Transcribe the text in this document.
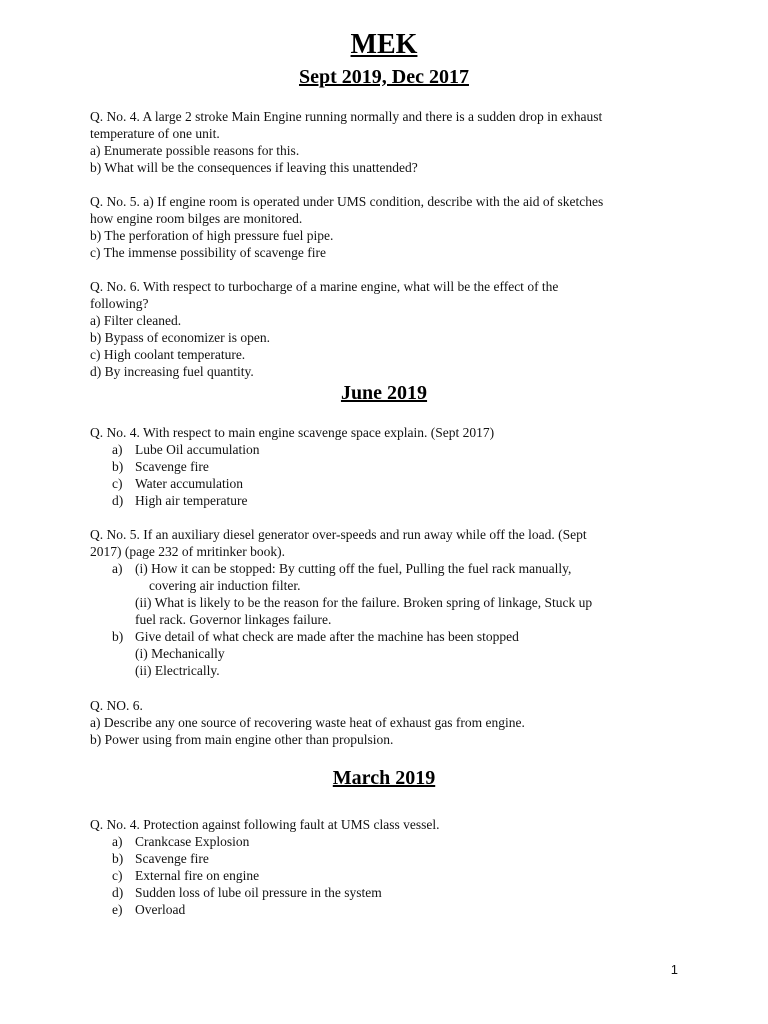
MEK
Sept 2019, Dec 2017

Q. No. 4. A large 2 stroke Main Engine running normally and there is a sudden drop in exhaust

temperature of one unit.

a) Enumerate possible reasons for this.

b) What will be the consequences if leaving this unattended?

Q. No. 5. a) If engine room is operated under UMS condition, describe with the aid of sketches

how engine room bilges are monitored.

b) The perforation of high pressure fuel pipe.

c) The immense possibility of scavenge fire

Q. No. 6. With respect to turbocharge of a marine engine, what will be the effect of the

following?

a) Filter cleaned.

b) Bypass of economizer is open.

c) High coolant temperature.

d) By increasing fuel quantity.

June 2019

Q. No. 4. With respect to main engine scavenge space explain. (Sept 2017)

a) Lube Oil accumulation
b) Scavenge fire
c) Water accumulation
d) High air temperature

Q. No. 5. If an auxiliary diesel generator over-speeds and run away while off the load. (Sept

2017) (page 232 of mritinker book).

a) (i) How it can be stopped: By cutting off the fuel, Pulling the fuel rack manually,

covering air induction filter.

(ii) What is likely to be the reason for the failure. Broken spring of linkage, Stuck up

fuel rack. Governor linkages failure.

b) Give detail of what check are made after the machine has been stopped

(i) Mechanically

(ii) Electrically.

Q. NO. 6.

a) Describe any one source of recovering waste heat of exhaust gas from engine.

b) Power using from main engine other than propulsion.

March 2019

Q. No. 4. Protection against following fault at UMS class vessel.

a) Crankcase Explosion
b) Scavenge fire
c) External fire on engine
d) Sudden loss of lube oil pressure in the system
e) Overload
1
